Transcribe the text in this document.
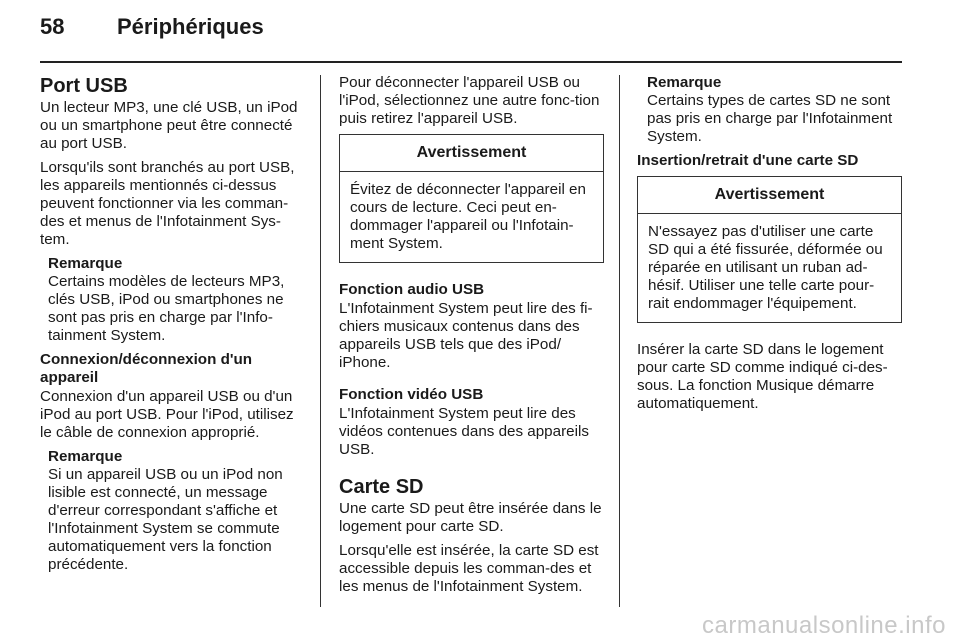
58 Périphériques
Port USB

Un lecteur MP3, une clé USB, un iPod ou un smartphone peut être connecté au port USB.

Lorsqu'ils sont branchés au port USB, les appareils mentionnés ci-dessus peuvent fonctionner via les comman-des et menus de l'Infotainment Sys-tem.

Remarque
Certains modèles de lecteurs MP3, clés USB, iPod ou smartphones ne sont pas pris en charge par l'Info-tainment System.
Connexion/déconnexion d'un appareil

Connexion d'un appareil USB ou d'un iPod au port USB. Pour l'iPod, utilisez le câble de connexion approprié.

Remarque
Si un appareil USB ou un iPod non lisible est connecté, un message d'erreur correspondant s'affiche et l'Infotainment System se commute automatiquement vers la fonction précédente.

Pour déconnecter l'appareil USB ou l'iPod, sélectionnez une autre fonc-tion puis retirez l'appareil USB.

Avertissement
Évitez de déconnecter l'appareil en cours de lecture. Ceci peut en-dommager l'appareil ou l'Infotain-ment System.
Fonction audio USB

L'Infotainment System peut lire des fi-chiers musicaux contenus dans des appareils USB tels que des iPod/ iPhone.

Fonction vidéo USB

L'Infotainment System peut lire des vidéos contenues dans des appareils USB.

Carte SD

Une carte SD peut être insérée dans le logement pour carte SD.

Lorsqu'elle est insérée, la carte SD est accessible depuis les comman-des et les menus de l'Infotainment System.

Remarque
Certains types de cartes SD ne sont pas pris en charge par l'Infotainment System.
Insertion/retrait d'une carte SD
Avertissement
N'essayez pas d'utiliser une carte SD qui a été fissurée, déformée ou réparée en utilisant un ruban ad-hésif. Utiliser une telle carte pour-rait endommager l'équipement.

Insérer la carte SD dans le logement pour carte SD comme indiqué ci-des-sous. La fonction Musique démarre automatiquement.

carmanualsonline.info
